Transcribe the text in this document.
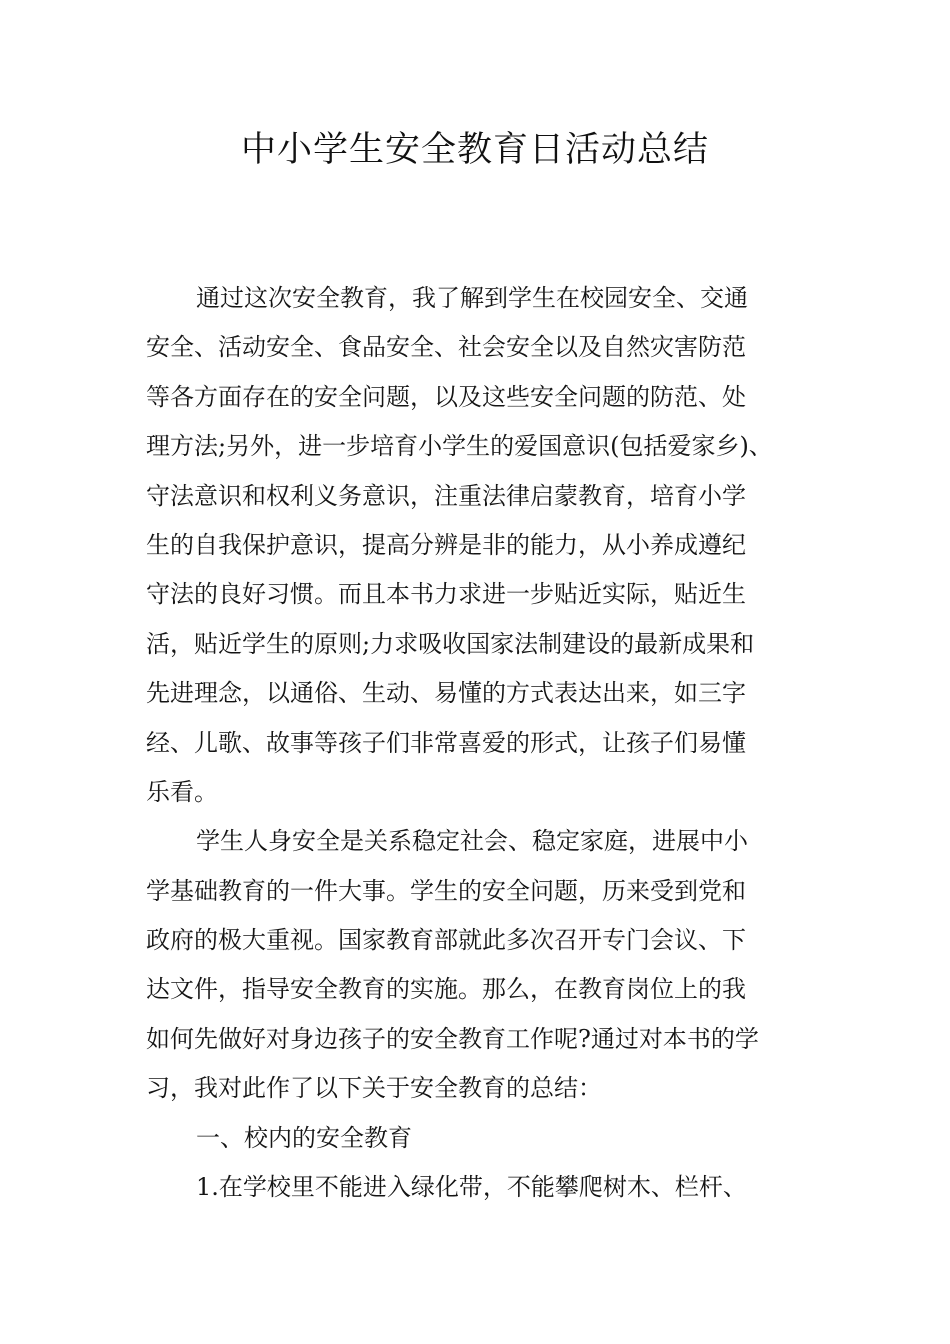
中小学生安全教育日活动总结
通过这次安全教育，我了解到学生在校园安全、交通
安全、活动安全、食品安全、社会安全以及自然灾害防范
等各方面存在的安全问题，以及这些安全问题的防范、处
理方法;另外，进一步培育小学生的爱国意识(包括爱家乡)、
守法意识和权利义务意识，注重法律启蒙教育，培育小学
生的自我保护意识，提高分辨是非的能力，从小养成遵纪
守法的良好习惯。而且本书力求进一步贴近实际，贴近生
活，贴近学生的原则;力求吸收国家法制建设的最新成果和
先进理念，以通俗、生动、易懂的方式表达出来，如三字
经、儿歌、故事等孩子们非常喜爱的形式，让孩子们易懂
乐看。
学生人身安全是关系稳定社会、稳定家庭，进展中小
学基础教育的一件大事。学生的安全问题，历来受到党和
政府的极大重视。国家教育部就此多次召开专门会议、下
达文件，指导安全教育的实施。那么，在教育岗位上的我
如何先做好对身边孩子的安全教育工作呢?通过对本书的学
习，我对此作了以下关于安全教育的总结：
一、校内的安全教育
1.在学校里不能进入绿化带，不能攀爬树木、栏杆、
